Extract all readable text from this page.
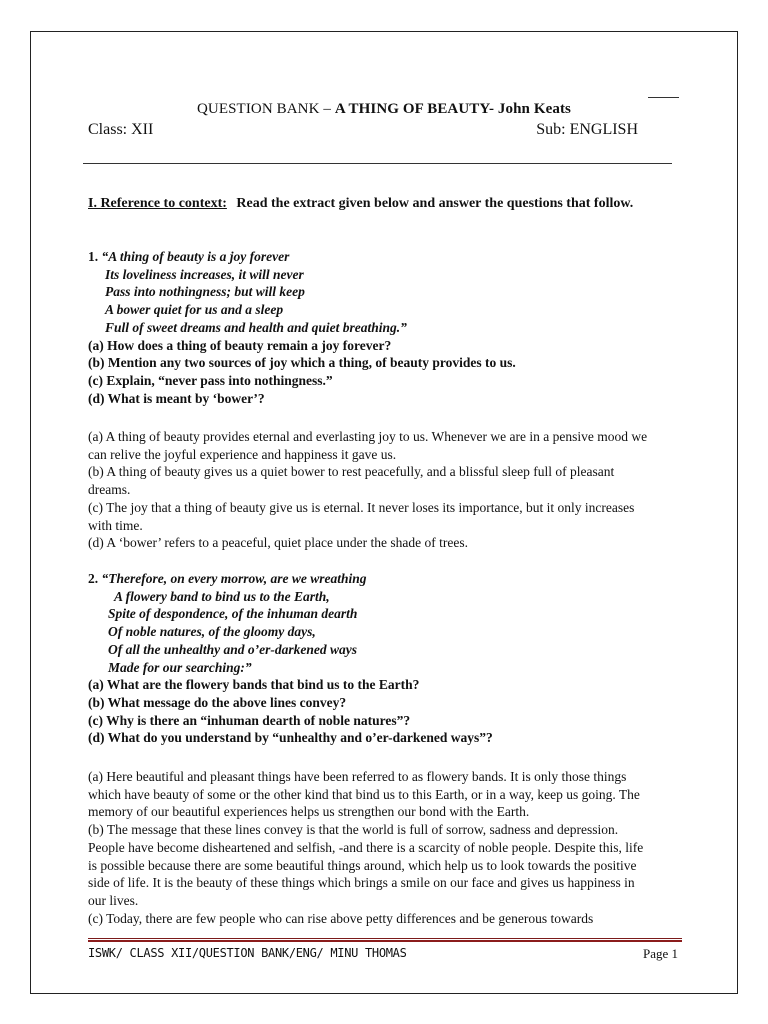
QUESTION BANK – A THING OF BEAUTY- John Keats
Class: XII	Sub: ENGLISH
I. Reference to context: Read the extract given below and answer the questions that follow.
1. “A thing of beauty is a joy forever
Its loveliness increases, it will never
Pass into nothingness; but will keep
A bower quiet for us and a sleep
Full of sweet dreams and health and quiet breathing.”
(a) How does a thing of beauty remain a joy forever?
(b) Mention any two sources of joy which a thing, of beauty provides to us.
(c) Explain, “never pass into nothingness.”
(d) What is meant by ‘bower’?

(a) A thing of beauty provides eternal and everlasting joy to us. Whenever we are in a pensive mood we can relive the joyful experience and happiness it gave us.

(b) A thing of beauty gives us a quiet bower to rest peacefully, and a blissful sleep full of pleasant dreams.

(c) The joy that a thing of beauty give us is eternal. It never loses its importance, but it only increases with time.

(d) A ‘bower’ refers to a peaceful, quiet place under the shade of trees.

2. “Therefore, on every morrow, are we wreathing
A flowery band to bind us to the Earth,
Spite of despondence, of the inhuman dearth
Of noble natures, of the gloomy days,
Of all the unhealthy and o’er-darkened ways
Made for our searching:”
(a) What are the flowery bands that bind us to the Earth?
(b) What message do the above lines convey?
(c) Why is there an “inhuman dearth of noble natures”?
(d) What do you understand by “unhealthy and o’er-darkened ways”?

(a) Here beautiful and pleasant things have been referred to as flowery bands. It is only those things which have beauty of some or the other kind that bind us to this Earth, or in a way, keep us going. The memory of our beautiful experiences helps us strengthen our bond with the Earth.

(b) The message that these lines convey is that the world is full of sorrow, sadness and depression. People have become disheartened and selfish, -and there is a scarcity of noble people. Despite this, life is possible because there are some beautiful things around, which help us to look towards the positive side of life. It is the beauty of these things which brings a smile on our face and gives us happiness in our lives.

(c) Today, there are few people who can rise above petty differences and be generous towards

ISWK/ CLASS XII/QUESTION BANK/ENG/ MINU THOMAS	Page 1
